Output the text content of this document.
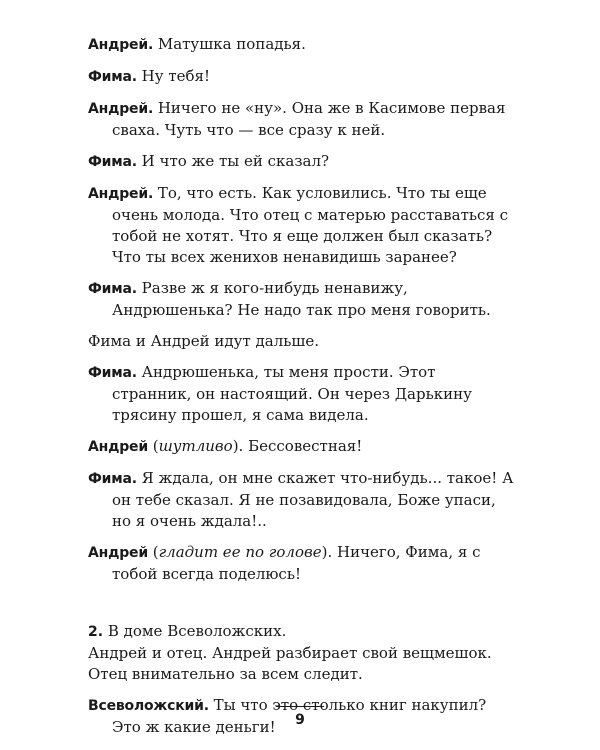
Андрей. Матушка попадья.

Фима. Ну тебя!

Андрей. Ничего не «ну». Она же в Касимове первая сваха. Чуть что — все сразу к ней.

Фима. И что же ты ей сказал?

Андрей. То, что есть. Как условились. Что ты еще очень молода. Что отец с матерью расставаться с тобой не хотят. Что я еще должен был сказать? Что ты всех женихов ненавидишь заранее?

Фима. Разве ж я кого-нибудь ненавижу, Андрюшенька? Не надо так про меня говорить.

Фима и Андрей идут дальше.

Фима. Андрюшенька, ты меня прости. Этот странник, он настоящий. Он через Дарькину трясину прошел, я сама видела.

Андрей (шутливо). Бессовестная!

Фима. Я ждала, он мне скажет что-нибудь... такое! А он тебе сказал. Я не позавидовала, Боже упаси, но я очень ждала!..

Андрей (гладит ее по голове). Ничего, Фима, я с тобой всегда поделюсь!

2. В доме Всеволожских.
Андрей и отец. Андрей разбирает свой вещмешок. Отец внимательно за всем следит.

Всеволожский. Ты что это столько книг накупил? Это ж какие деньги!	9
